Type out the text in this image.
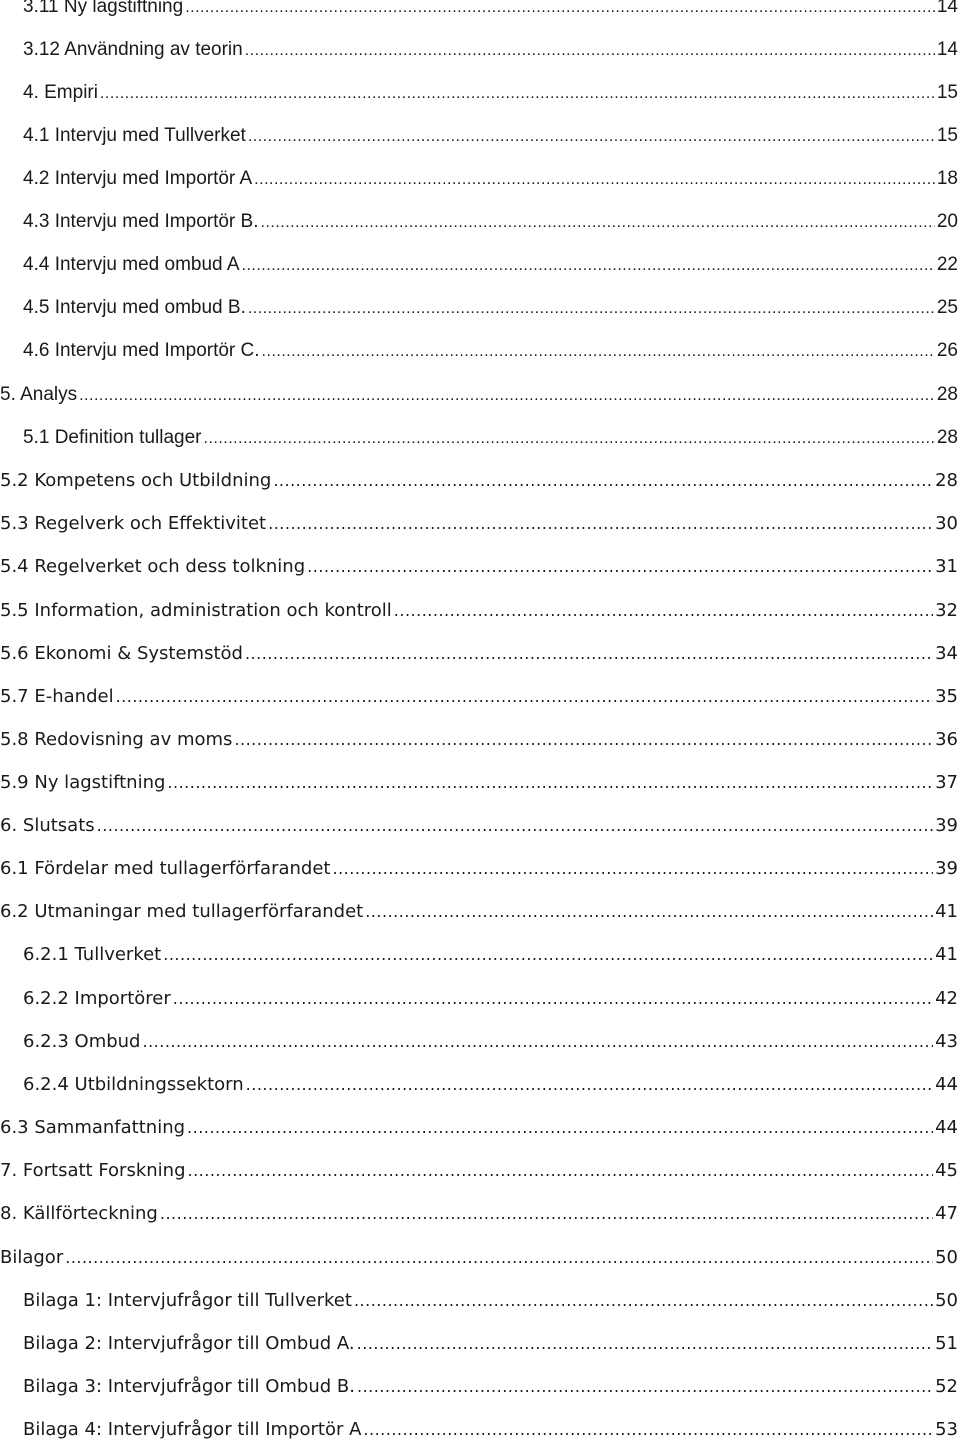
3.11 Ny lagstiftning .....	14
3.12 Användning av teorin .....	14
4. Empiri .....	15
4.1 Intervju med Tullverket .....	15
4.2 Intervju med Importör A .....	18
4.3 Intervju med Importör B. .....	20
4.4 Intervju med ombud A .....	22
4.5 Intervju med ombud B. .....	25
4.6 Intervju med Importör C. .....	26
5. Analys .....	28
5.1 Definition tullager .....	28
5.2 Kompetens och Utbildning .....	28
5.3 Regelverk och Effektivitet .....	30
5.4 Regelverket och dess tolkning .....	31
5.5 Information, administration och kontroll .....	32
5.6 Ekonomi & Systemstöd .....	34
5.7 E-handel .....	35
5.8 Redovisning av moms .....	36
5.9 Ny lagstiftning .....	37
6. Slutsats .....	39
6.1 Fördelar med tullagerförfarandet .....	39
6.2 Utmaningar med tullagerförfarandet .....	41
6.2.1 Tullverket .....	41
6.2.2 Importörer .....	42
6.2.3 Ombud .....	43
6.2.4 Utbildningssektorn .....	44
6.3 Sammanfattning .....	44
7. Fortsatt Forskning .....	45
8. Källförteckning .....	47
Bilagor .....	50
Bilaga 1: Intervjufrågor till Tullverket .....	50
Bilaga 2: Intervjufrågor till Ombud A. .....	51
Bilaga 3: Intervjufrågor till Ombud B. .....	52
Bilaga 4: Intervjufrågor till Importör A .....	53
